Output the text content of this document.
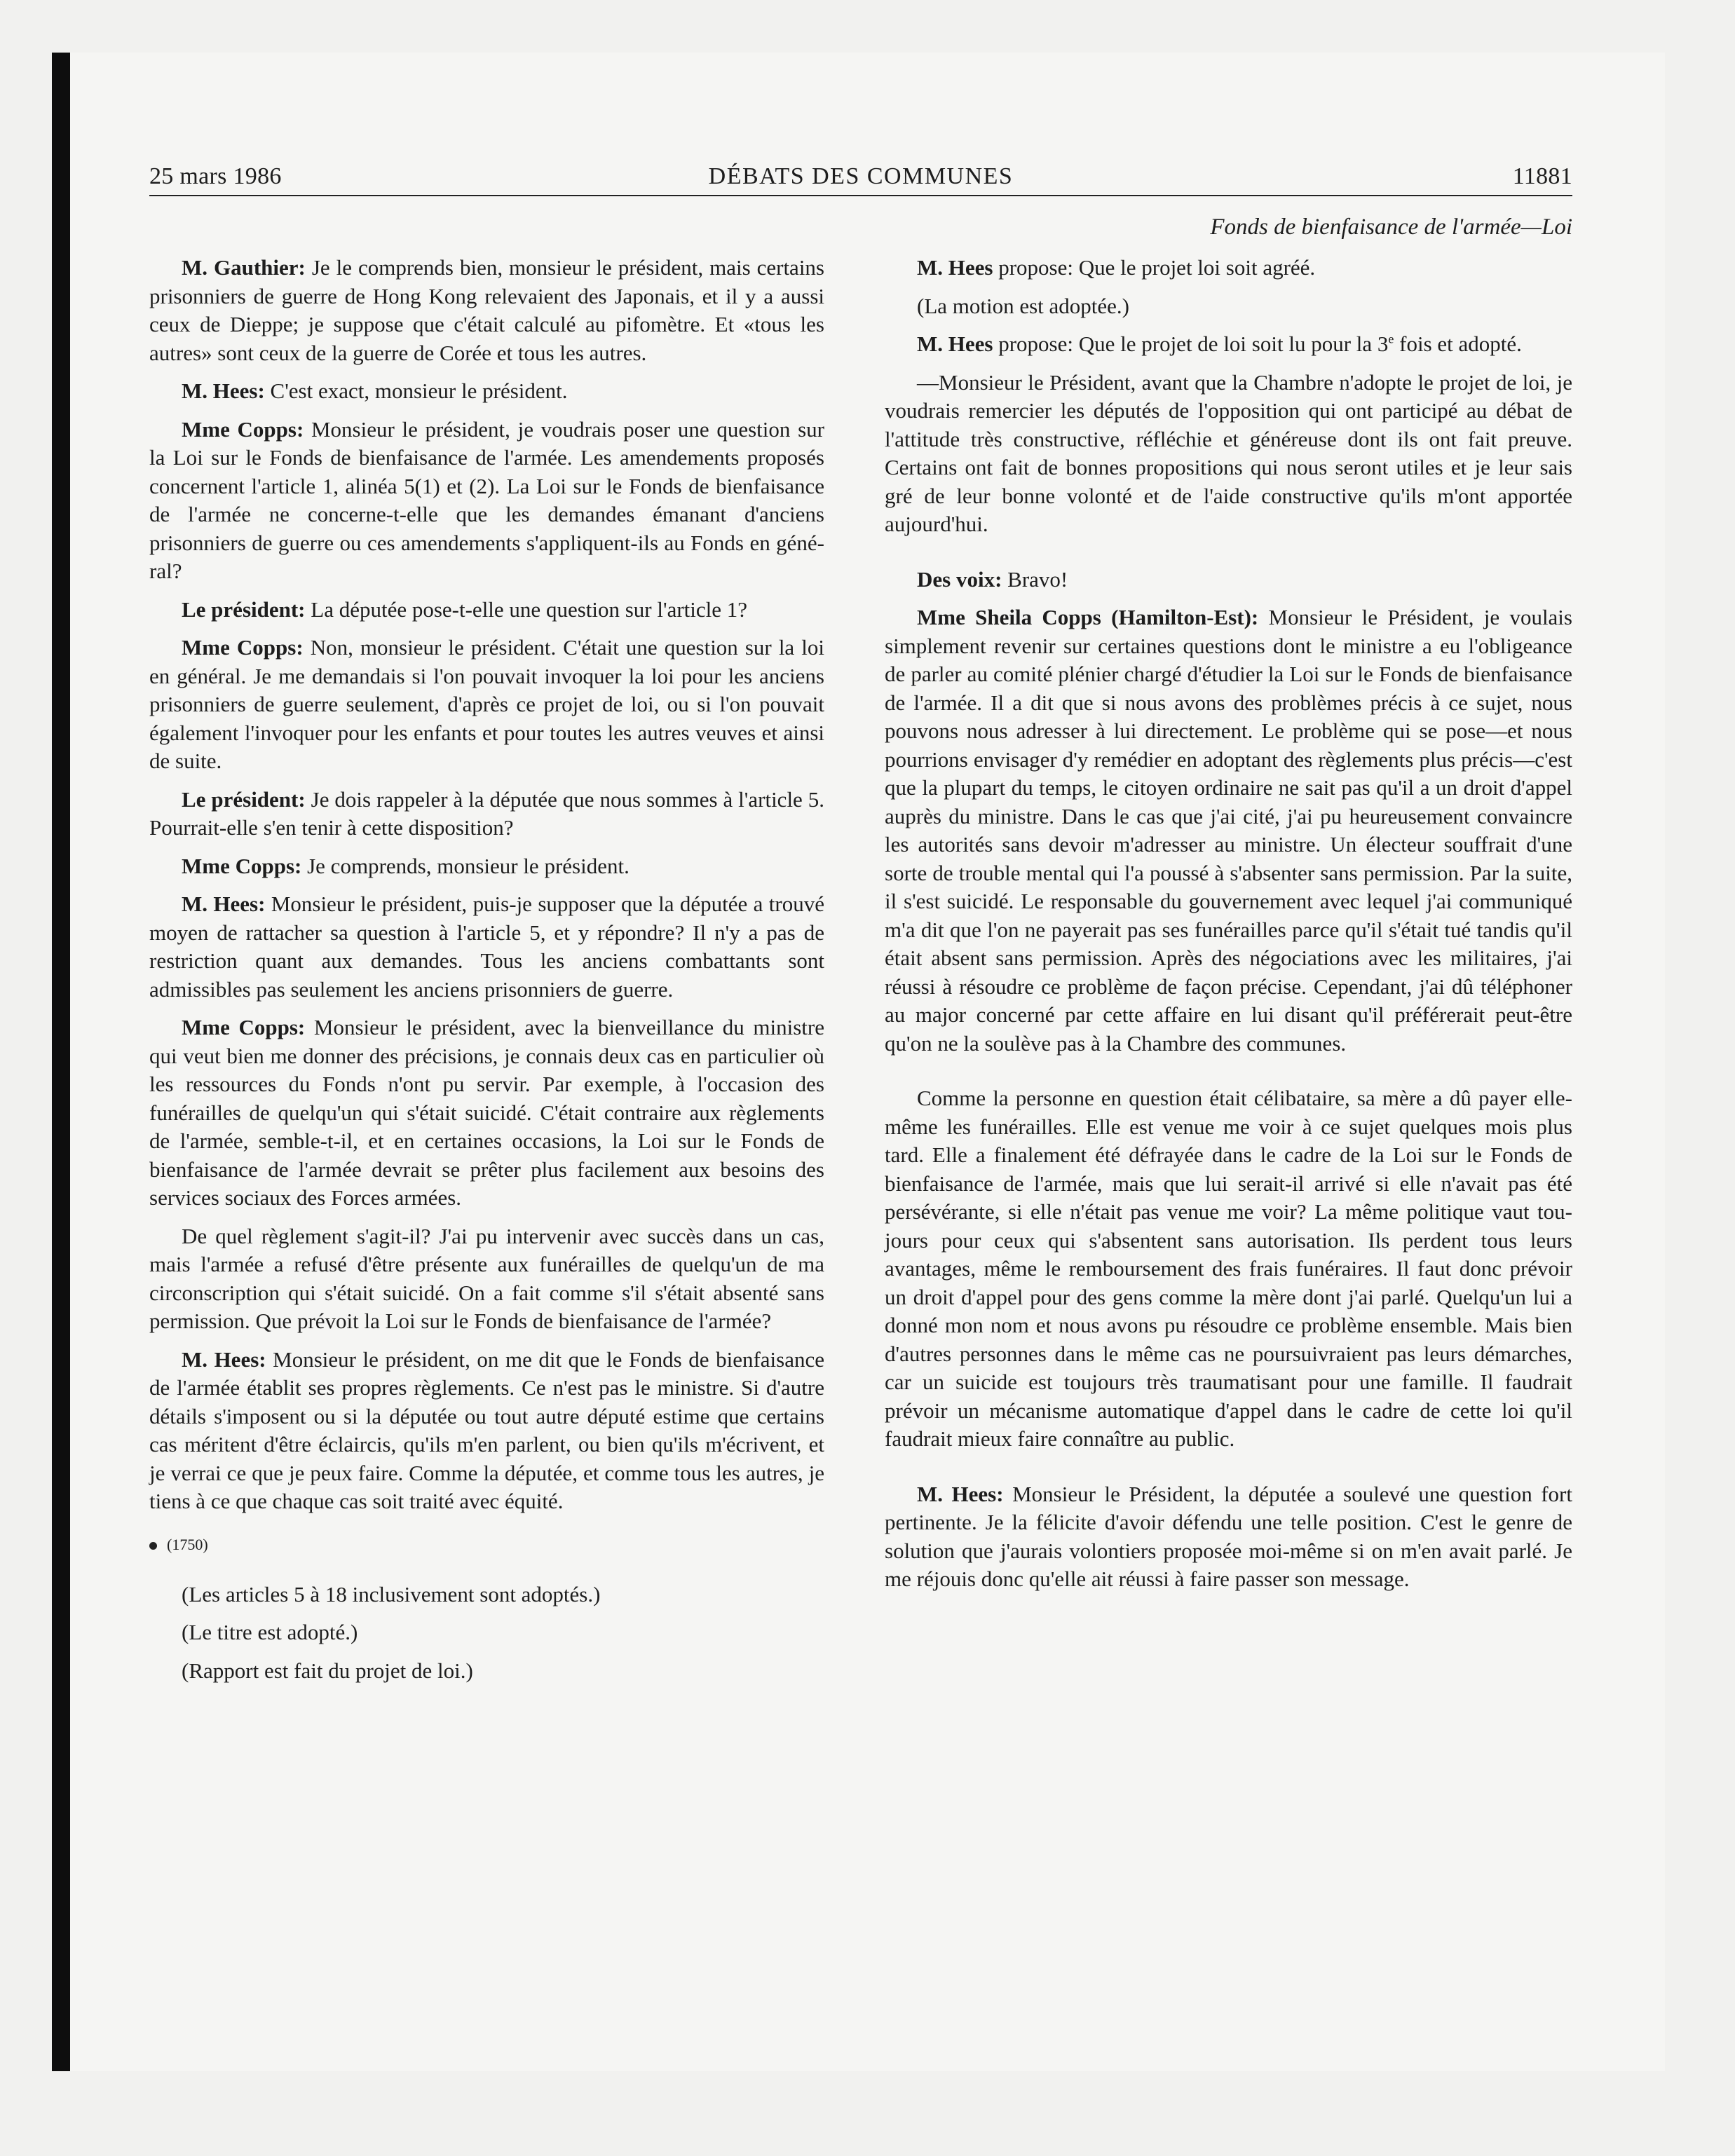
25 mars 1986	DÉBATS DES COMMUNES	11881
Fonds de bienfaisance de l'armée—Loi

M. Gauthier: Je le comprends bien, monsieur le président, mais certains prisonniers de guerre de Hong Kong relevaient des Japonais, et il y a aussi ceux de Dieppe; je suppose que c'était calculé au pifomètre. Et «tous les autres» sont ceux de la guerre de Corée et tous les autres.

M. Hees: C'est exact, monsieur le président.

Mme Copps: Monsieur le président, je voudrais poser une question sur la Loi sur le Fonds de bienfaisance de l'armée. Les amendements proposés concernent l'article 1, alinéa 5(1) et (2). La Loi sur le Fonds de bienfaisance de l'armée ne concerne-t-elle que les demandes émanant d'anciens prisonniers de guerre ou ces amendements s'appliquent-ils au Fonds en général?

Le président: La députée pose-t-elle une question sur l'article 1?

Mme Copps: Non, monsieur le président. C'était une question sur la loi en général. Je me demandais si l'on pouvait invoquer la loi pour les anciens prisonniers de guerre seulement, d'après ce projet de loi, ou si l'on pouvait également l'invoquer pour les enfants et pour toutes les autres veuves et ainsi de suite.

Le président: Je dois rappeler à la députée que nous sommes à l'article 5. Pourrait-elle s'en tenir à cette disposition?

Mme Copps: Je comprends, monsieur le président.

M. Hees: Monsieur le président, puis-je supposer que la députée a trouvé moyen de rattacher sa question à l'article 5, et y répondre? Il n'y a pas de restriction quant aux demandes. Tous les anciens combattants sont admissibles pas seulement les anciens prisonniers de guerre.

Mme Copps: Monsieur le président, avec la bienveillance du ministre qui veut bien me donner des précisions, je connais deux cas en particulier où les ressources du Fonds n'ont pu servir. Par exemple, à l'occasion des funérailles de quelqu'un qui s'était suicidé. C'était contraire aux règlements de l'armée, semble-t-il, et en certaines occasions, la Loi sur le Fonds de bienfaisance de l'armée devrait se prêter plus facilement aux besoins des services sociaux des Forces armées.

De quel règlement s'agit-il? J'ai pu intervenir avec succès dans un cas, mais l'armée a refusé d'être présente aux funérailles de quelqu'un de ma circonscription qui s'était suicidé. On a fait comme s'il s'était absenté sans permission. Que prévoit la Loi sur le Fonds de bienfaisance de l'armée?

M. Hees: Monsieur le président, on me dit que le Fonds de bienfaisance de l'armée établit ses propres règlements. Ce n'est pas le ministre. Si d'autre détails s'imposent ou si la députée ou tout autre député estime que certains cas méritent d'être éclaircis, qu'ils m'en parlent, ou bien qu'ils m'écrivent, et je verrai ce que je peux faire. Comme la députée, et comme tous les autres, je tiens à ce que chaque cas soit traité avec équité.

(1750)

(Les articles 5 à 18 inclusivement sont adoptés.)

(Le titre est adopté.)

(Rapport est fait du projet de loi.)

M. Hees propose: Que le projet loi soit agréé.

(La motion est adoptée.)

M. Hees propose: Que le projet de loi soit lu pour la 3e fois et adopté.

—Monsieur le Président, avant que la Chambre n'adopte le projet de loi, je voudrais remercier les députés de l'opposition qui ont participé au débat de l'attitude très constructive, réfléchie et généreuse dont ils ont fait preuve. Certains ont fait de bonnes propositions qui nous seront utiles et je leur sais gré de leur bonne volonté et de l'aide constructive qu'ils m'ont apportée aujourd'hui.

Des voix: Bravo!

Mme Sheila Copps (Hamilton-Est): Monsieur le Président, je voulais simplement revenir sur certaines questions dont le ministre a eu l'obligeance de parler au comité plénier chargé d'étudier la Loi sur le Fonds de bienfaisance de l'armée. Il a dit que si nous avons des problèmes précis à ce sujet, nous pouvons nous adresser à lui directement. Le problème qui se pose—et nous pourrions envisager d'y remédier en adoptant des règlements plus précis—c'est que la plupart du temps, le citoyen ordinaire ne sait pas qu'il a un droit d'appel auprès du ministre. Dans le cas que j'ai cité, j'ai pu heureusement convaincre les autorités sans devoir m'adresser au ministre. Un électeur souffrait d'une sorte de trouble mental qui l'a poussé à s'absenter sans permission. Par la suite, il s'est suicidé. Le responsable du gouvernement avec lequel j'ai communiqué m'a dit que l'on ne payerait pas ses funérailles parce qu'il s'était tué tandis qu'il était absent sans permission. Après des négociations avec les militaires, j'ai réussi à résoudre ce problème de façon précise. Cependant, j'ai dû téléphoner au major concerné par cette affaire en lui disant qu'il préférerait peut-être qu'on ne la soulève pas à la Chambre des communes.

Comme la personne en question était célibataire, sa mère a dû payer elle-même les funérailles. Elle est venue me voir à ce sujet quelques mois plus tard. Elle a finalement été défrayée dans le cadre de la Loi sur le Fonds de bienfaisance de l'armée, mais que lui serait-il arrivé si elle n'avait pas été persévérante, si elle n'était pas venue me voir? La même politique vaut toujours pour ceux qui s'absentent sans autorisation. Ils perdent tous leurs avantages, même le remboursement des frais funéraires. Il faut donc prévoir un droit d'appel pour des gens comme la mère dont j'ai parlé. Quelqu'un lui a donné mon nom et nous avons pu résoudre ce problème ensemble. Mais bien d'autres personnes dans le même cas ne poursuivraient pas leurs démarches, car un suicide est toujours très traumatisant pour une famille. Il faudrait prévoir un mécanisme automatique d'appel dans le cadre de cette loi qu'il faudrait mieux faire connaître au public.

M. Hees: Monsieur le Président, la députée a soulevé une question fort pertinente. Je la félicite d'avoir défendu une telle position. C'est le genre de solution que j'aurais volontiers proposée moi-même si on m'en avait parlé. Je me réjouis donc qu'elle ait réussi à faire passer son message.
